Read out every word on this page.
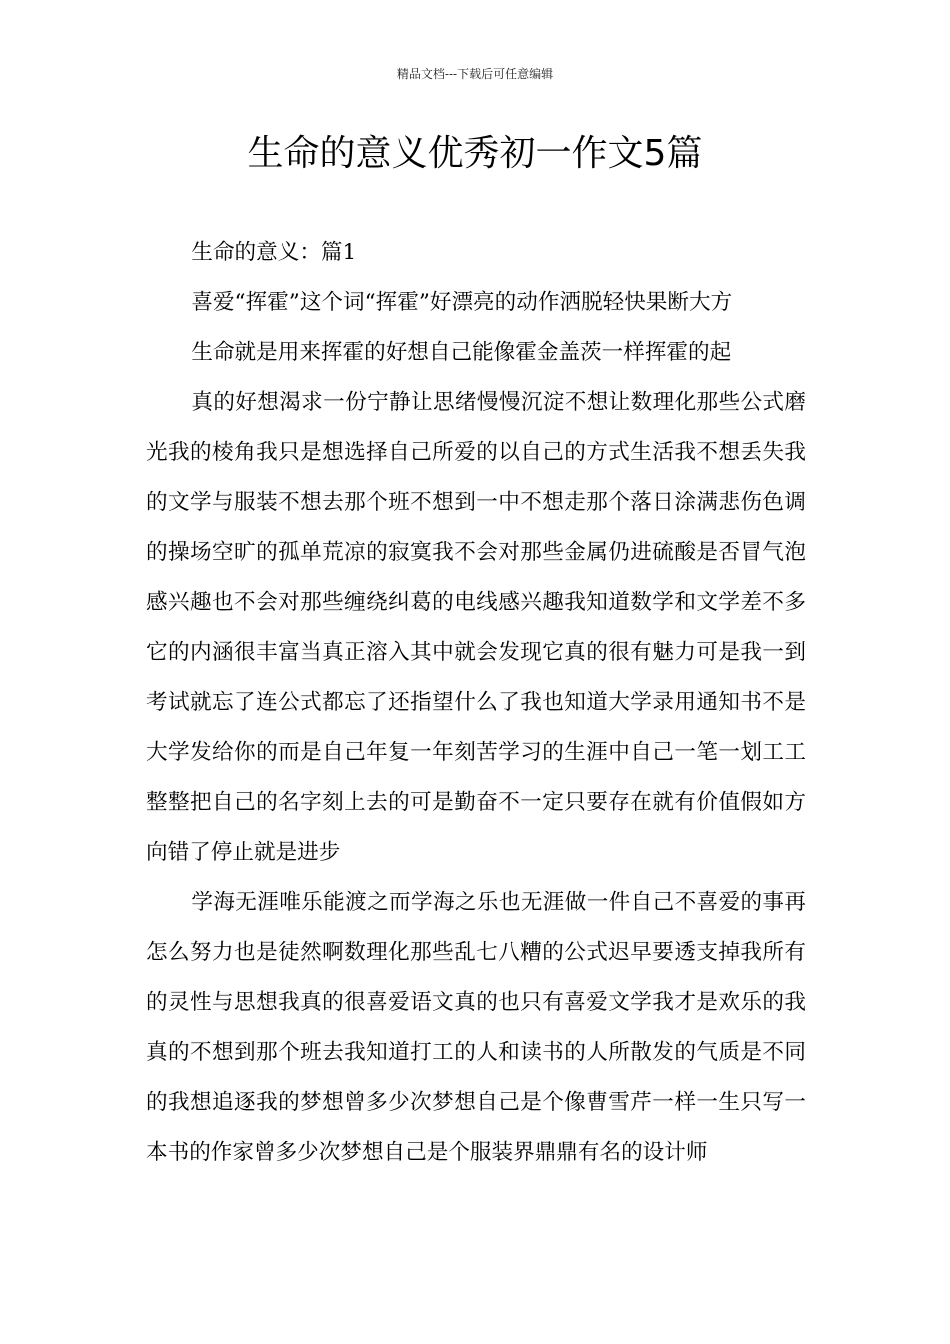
精品文档---下载后可任意编辑
生命的意义优秀初一作文5篇

生命的意义：篇1

喜爱“挥霍”这个词“挥霍”好漂亮的动作洒脱轻快果断大方

生命就是用来挥霍的好想自己能像霍金盖茨一样挥霍的起

真的好想渴求一份宁静让思绪慢慢沉淀不想让数理化那些公式磨光我的棱角我只是想选择自己所爱的以自己的方式生活我不想丢失我的文学与服装不想去那个班不想到一中不想走那个落日涂满悲伤色调的操场空旷的孤单荒凉的寂寞我不会对那些金属仍进硫酸是否冒气泡感兴趣也不会对那些缠绕纠葛的电线感兴趣我知道数学和文学差不多它的内涵很丰富当真正溶入其中就会发现它真的很有魅力可是我一到考试就忘了连公式都忘了还指望什么了我也知道大学录用通知书不是大学发给你的而是自己年复一年刻苦学习的生涯中自己一笔一划工工整整把自己的名字刻上去的可是勤奋不一定只要存在就有价值假如方向错了停止就是进步

学海无涯唯乐能渡之而学海之乐也无涯做一件自己不喜爱的事再怎么努力也是徒然啊数理化那些乱七八糟的公式迟早要透支掉我所有的灵性与思想我真的很喜爱语文真的也只有喜爱文学我才是欢乐的我真的不想到那个班去我知道打工的人和读书的人所散发的气质是不同的我想追逐我的梦想曾多少次梦想自己是个像曹雪芹一样一生只写一本书的作家曾多少次梦想自己是个服装界鼎鼎有名的设计师
